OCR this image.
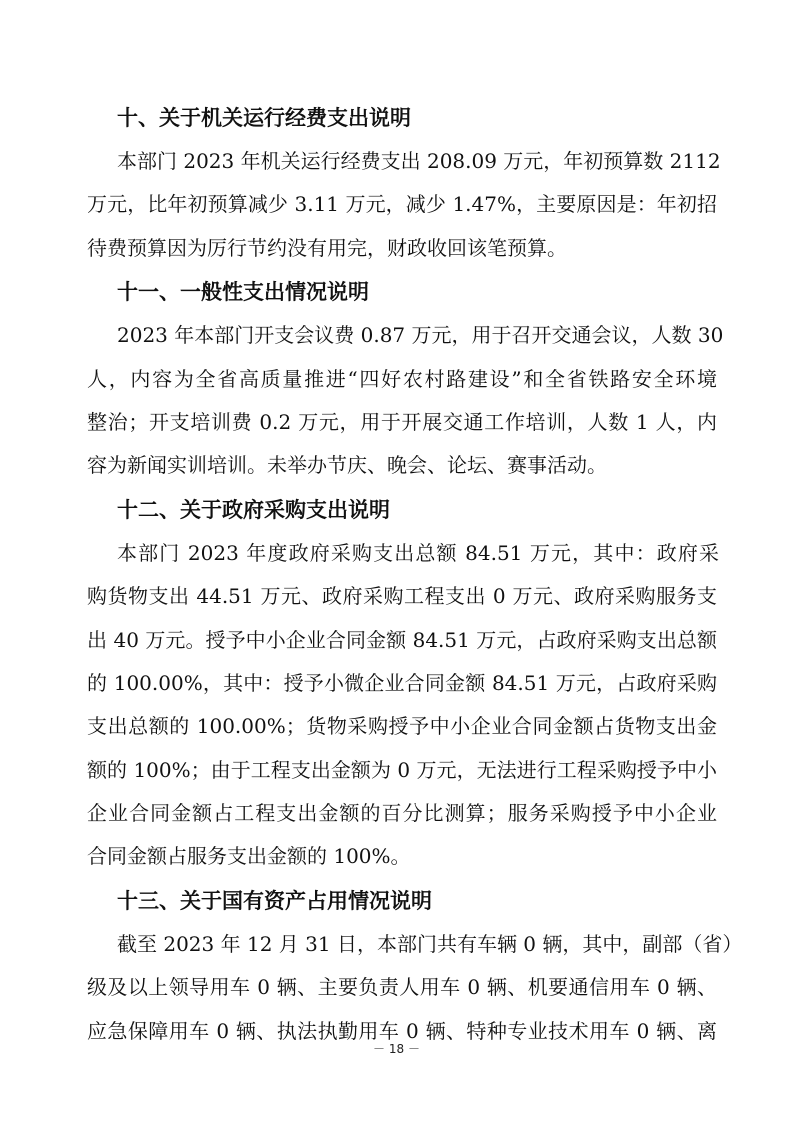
十、关于机关运行经费支出说明
本部门 2023 年机关运行经费支出 208.09 万元，年初预算数 2112
万元，比年初预算减少 3.11 万元，减少 1.47%，主要原因是：年初招
待费预算因为厉行节约没有用完，财政收回该笔预算。
十一、一般性支出情况说明
2023 年本部门开支会议费 0.87 万元，用于召开交通会议，人数 30
人，内容为全省高质量推进“四好农村路建设”和全省铁路安全环境
整治；开支培训费 0.2 万元，用于开展交通工作培训，人数 1 人，内
容为新闻实训培训。未举办节庆、晚会、论坛、赛事活动。
十二、关于政府采购支出说明
本部门 2023 年度政府采购支出总额 84.51 万元，其中：政府采
购货物支出 44.51 万元、政府采购工程支出 0 万元、政府采购服务支
出 40 万元。授予中小企业合同金额 84.51 万元，占政府采购支出总额
的 100.00%，其中：授予小微企业合同金额 84.51 万元，占政府采购
支出总额的 100.00%；货物采购授予中小企业合同金额占货物支出金
额的 100%；由于工程支出金额为 0 万元，无法进行工程采购授予中小
企业合同金额占工程支出金额的百分比测算；服务采购授予中小企业
合同金额占服务支出金额的 100%。
十三、关于国有资产占用情况说明
截至 2023 年 12 月 31 日，本部门共有车辆 0 辆，其中，副部（省）
级及以上领导用车 0 辆、主要负责人用车 0 辆、机要通信用车 0 辆、
应急保障用车 0 辆、执法执勤用车 0 辆、特种专业技术用车 0 辆、离
－ 18 －
